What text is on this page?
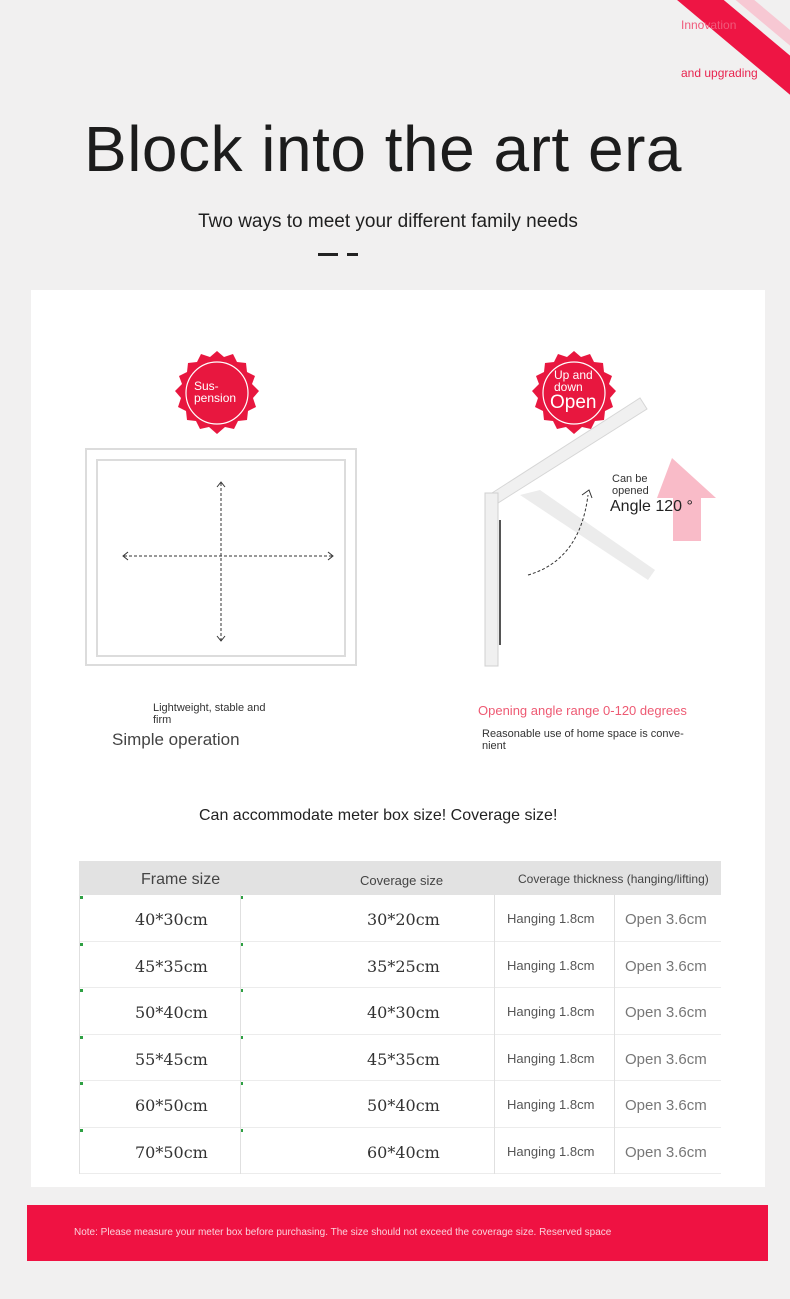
Innovation
and upgrading
Block into the art era
Two ways to meet your different family needs
Sus-
pension
Lightweight, stable and
firm
Simple operation
Up and
down
Open
Can be
opened
Angle 120 °
Opening angle range 0-120 degrees
Reasonable use of home space is conve-
nient
Can accommodate meter box size! Coverage size!
Frame size	Coverage size	Coverage thickness (hanging/lifting)
40*30cm	30*20cm	Hanging 1.8cm Open 3.6cm
45*35cm	35*25cm	Hanging 1.8cm Open 3.6cm
50*40cm	40*30cm	Hanging 1.8cm Open 3.6cm
55*45cm	45*35cm	Hanging 1.8cm Open 3.6cm
60*50cm	50*40cm	Hanging 1.8cm Open 3.6cm
70*50cm	60*40cm	Hanging 1.8cm Open 3.6cm
Note: Please measure your meter box before purchasing. The size should not exceed the coverage size. Reserved space
